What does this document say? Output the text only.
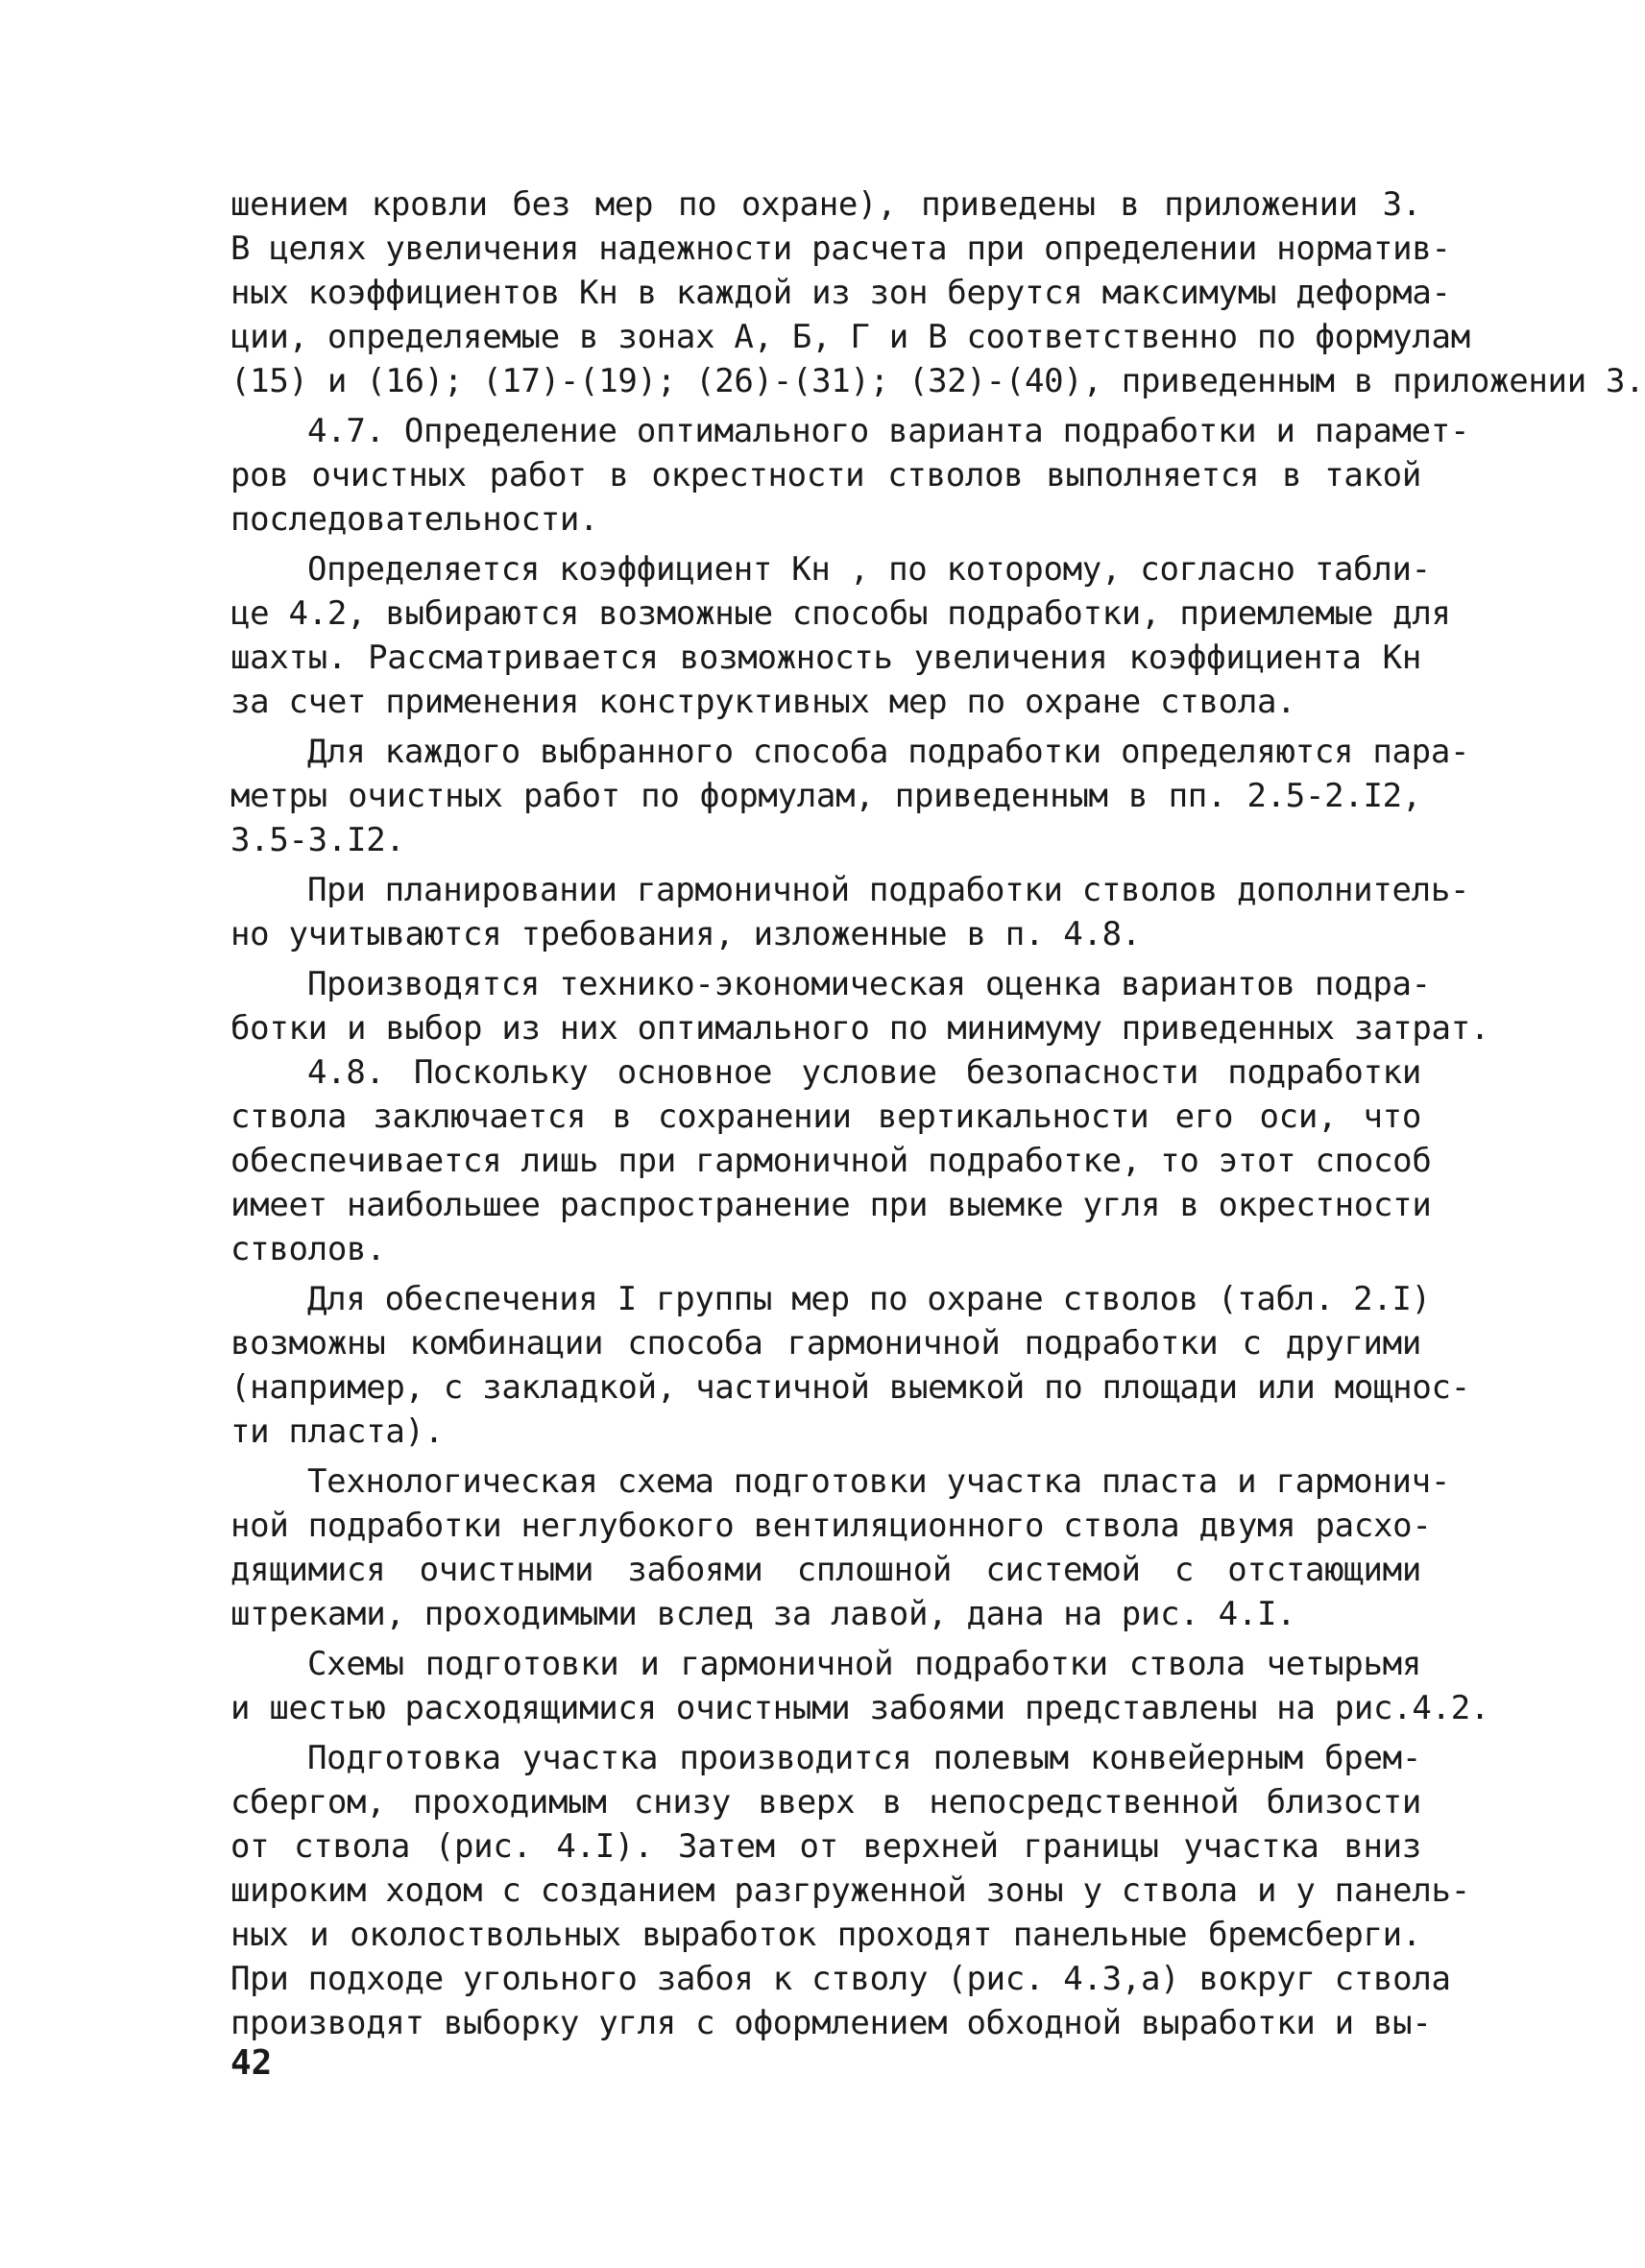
шением кровли без мер по охране), приведены в приложении 3.
В целях увеличения надежности расчета при определении норматив-
ных коэффициентов Кн в каждой из зон берутся максимумы деформа-
ции, определяемые в зонах А, Б, Г и В соответственно по формулам
(15) и (16); (17)-(19); (26)-(31); (32)-(40), приведенным в приложении 3.
4.7. Определение оптимального варианта подработки и парамет-
ров очистных работ в окрестности стволов выполняется в такой
последовательности.
Определяется коэффициент Кн , по которому, согласно табли-
це 4.2, выбираются возможные способы подработки, приемлемые для
шахты. Рассматривается возможность увеличения коэффициента Кн
за счет применения конструктивных мер по охране ствола.
Для каждого выбранного способа подработки определяются пара-
метры очистных работ по формулам, приведенным в пп. 2.5-2.I2,
3.5-3.I2.
При планировании гармоничной подработки стволов дополнитель-
но учитываются требования, изложенные в п. 4.8.
Производятся технико-экономическая оценка вариантов подра-
ботки и выбор из них оптимального по минимуму приведенных затрат.
4.8. Поскольку основное условие безопасности подработки
ствола заключается в сохранении вертикальности его оси, что
обеспечивается лишь при гармоничной подработке, то этот способ
имеет наибольшее распространение при выемке угля в окрестности
стволов.
Для обеспечения I группы мер по охране стволов (табл. 2.I)
возможны комбинации способа гармоничной подработки с другими
(например, с закладкой, частичной выемкой по площади или мощнос-
ти пласта).
Технологическая схема подготовки участка пласта и гармонич-
ной подработки неглубокого вентиляционного ствола двумя расхо-
дящимися очистными забоями сплошной системой с отстающими
штреками, проходимыми вслед за лавой, дана на рис. 4.I.
Схемы подготовки и гармоничной подработки ствола четырьмя
и шестью расходящимися очистными забоями представлены на рис.4.2.
Подготовка участка производится полевым конвейерным брем-
сбергом, проходимым снизу вверх в непосредственной близости
от ствола (рис. 4.I). Затем от верхней границы участка вниз
широким ходом с созданием разгруженной зоны у ствола и у панель-
ных и околоствольных выработок проходят панельные бремсберги.
При подходе угольного забоя к стволу (рис. 4.3,а) вокруг ствола
производят выборку угля с оформлением обходной выработки и вы-
42
